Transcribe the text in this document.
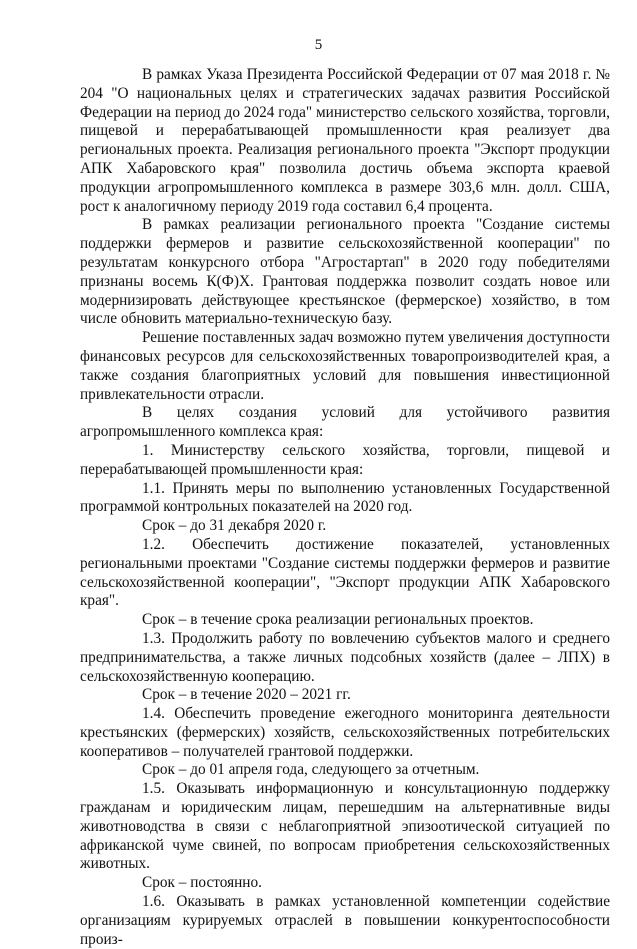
5

В рамках Указа Президента Российской Федерации от 07 мая 2018 г. № 204 "О национальных целях и стратегических задачах развития Российской Федерации на период до 2024 года" министерство сельского хозяйства, торговли, пищевой и перерабатывающей промышленности края реализует два региональных проекта. Реализация регионального проекта "Экспорт продукции АПК Хабаровского края" позволила достичь объема экспорта краевой продукции агропромышленного комплекса в размере 303,6 млн. долл. США, рост к аналогичному периоду 2019 года составил 6,4 процента.

В рамках реализации регионального проекта "Создание системы поддержки фермеров и развитие сельскохозяйственной кооперации" по результатам конкурсного отбора "Агростартап" в 2020 году победителями признаны восемь К(Ф)Х. Грантовая поддержка позволит создать новое или модернизировать действующее крестьянское (фермерское) хозяйство, в том числе обновить материально-техническую базу.

Решение поставленных задач возможно путем увеличения доступности финансовых ресурсов для сельскохозяйственных товаропроизводителей края, а также создания благоприятных условий для повышения инвестиционной привлекательности отрасли.

В целях создания условий для устойчивого развития агропромышленного комплекса края:

1. Министерству сельского хозяйства, торговли, пищевой и перерабатывающей промышленности края:

1.1. Принять меры по выполнению установленных Государственной программой контрольных показателей на 2020 год.

Срок – до 31 декабря 2020 г.

1.2. Обеспечить достижение показателей, установленных региональными проектами "Создание системы поддержки фермеров и развитие сельскохозяйственной кооперации", "Экспорт продукции АПК Хабаровского края".

Срок – в течение срока реализации региональных проектов.

1.3. Продолжить работу по вовлечению субъектов малого и среднего предпринимательства, а также личных подсобных хозяйств (далее – ЛПХ) в сельскохозяйственную кооперацию.

Срок – в течение 2020 – 2021 гг.

1.4. Обеспечить проведение ежегодного мониторинга деятельности крестьянских (фермерских) хозяйств, сельскохозяйственных потребительских кооперативов – получателей грантовой поддержки.

Срок – до 01 апреля года, следующего за отчетным.

1.5. Оказывать информационную и консультационную поддержку гражданам и юридическим лицам, перешедшим на альтернативные виды животноводства в связи с неблагоприятной эпизоотической ситуацией по африканской чуме свиней, по вопросам приобретения сельскохозяйственных животных.

Срок – постоянно.

1.6. Оказывать в рамках установленной компетенции содействие организациям курируемых отраслей в повышении конкурентоспособности произ-
